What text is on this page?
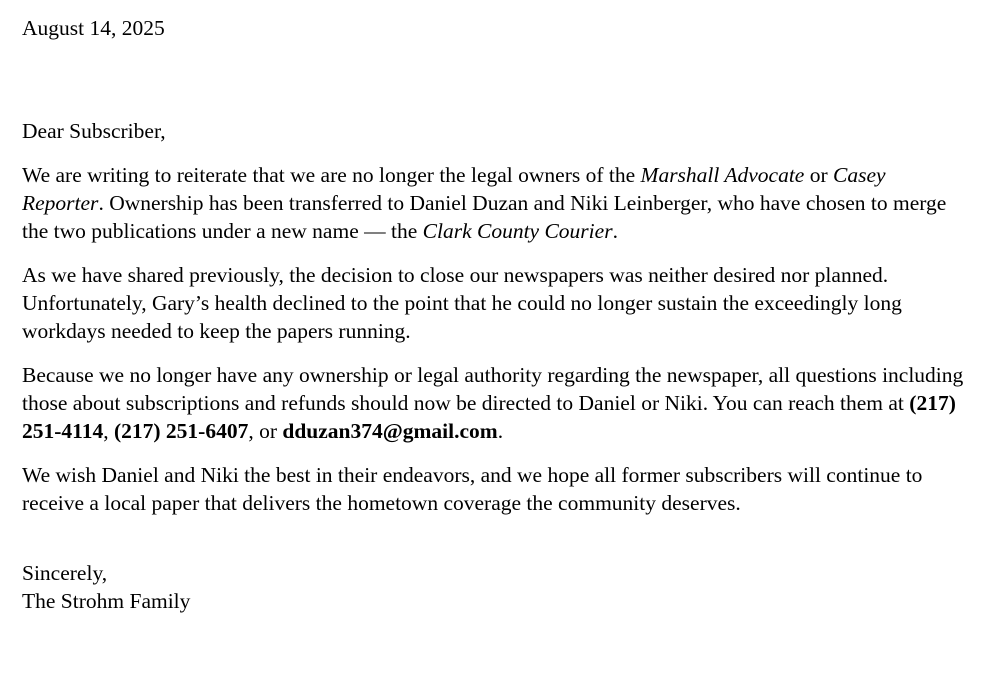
August 14, 2025

Dear Subscriber,

We are writing to reiterate that we are no longer the legal owners of the Marshall Advocate or Casey Reporter. Ownership has been transferred to Daniel Duzan and Niki Leinberger, who have chosen to merge the two publications under a new name — the Clark County Courier.

As we have shared previously, the decision to close our newspapers was neither desired nor planned. Unfortunately, Gary’s health declined to the point that he could no longer sustain the exceedingly long workdays needed to keep the papers running.

Because we no longer have any ownership or legal authority regarding the newspaper, all questions including those about subscriptions and refunds should now be directed to Daniel or Niki. You can reach them at (217) 251-4114, (217) 251-6407, or dduzan374@gmail.com.

We wish Daniel and Niki the best in their endeavors, and we hope all former subscribers will continue to receive a local paper that delivers the hometown coverage the community deserves.

Sincerely,
The Strohm Family
